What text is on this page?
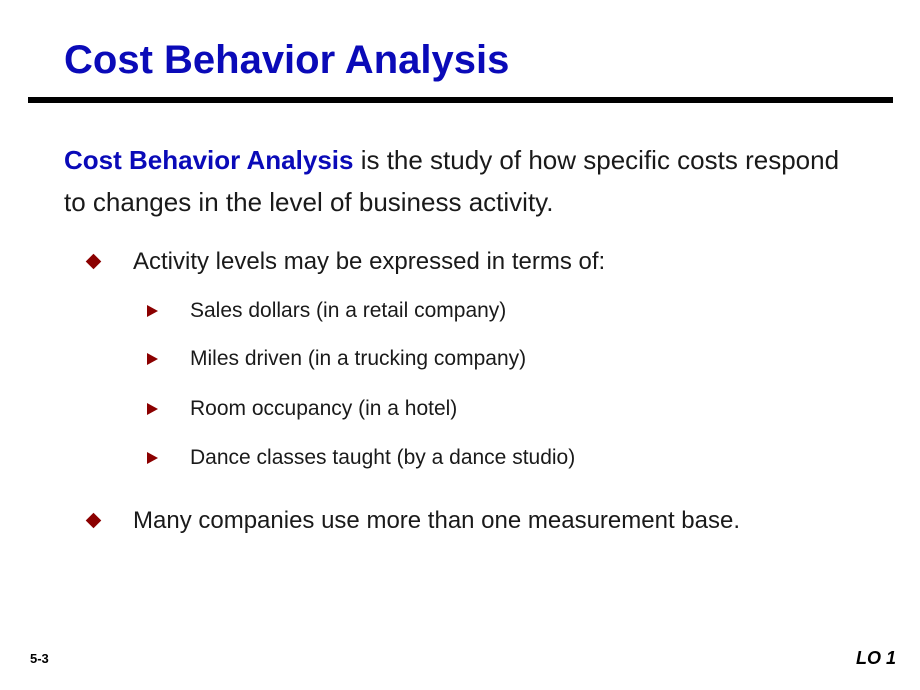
Cost Behavior Analysis

Cost Behavior Analysis is the study of how specific costs respond to changes in the level of business activity.

Activity levels may be expressed in terms of:
Sales dollars (in a retail company)
Miles driven (in a trucking company)
Room occupancy (in a hotel)
Dance classes taught (by a dance studio)
Many companies use more than one measurement base.
5-3	LO 1
